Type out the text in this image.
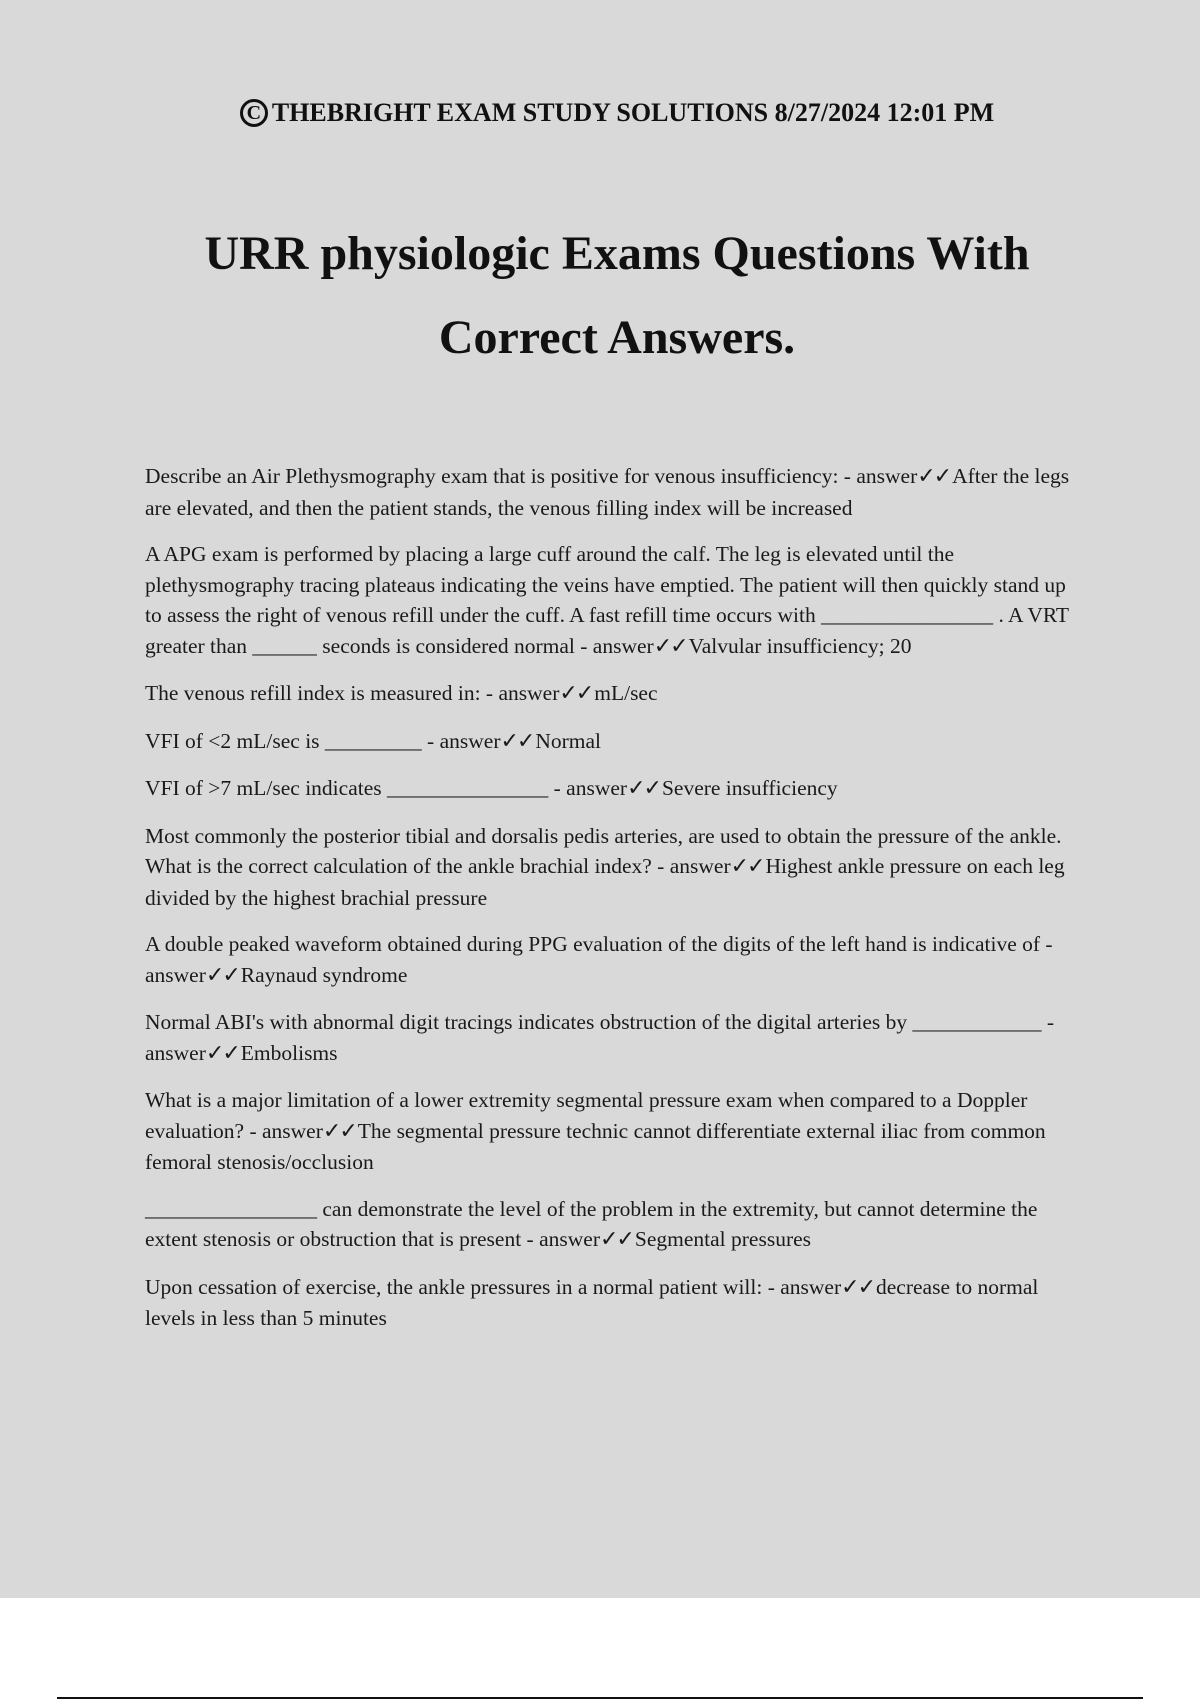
C THEBRIGHT EXAM STUDY SOLUTIONS 8/27/2024 12:01 PM
URR physiologic Exams Questions With
Correct Answers.

Describe an Air Plethysmography exam that is positive for venous insufficiency: - answer✓✓After the legs are elevated, and then the patient stands, the venous filling index will be increased

A APG exam is performed by placing a large cuff around the calf. The leg is elevated until the plethysmography tracing plateaus indicating the veins have emptied. The patient will then quickly stand up to assess the right of venous refill under the cuff. A fast refill time occurs with ________________ . A VRT greater than ______ seconds is considered normal - answer✓✓Valvular insufficiency; 20

The venous refill index is measured in: - answer✓✓mL/sec

VFI of <2 mL/sec is _________ - answer✓✓Normal

VFI of >7 mL/sec indicates _______________ - answer✓✓Severe insufficiency

Most commonly the posterior tibial and dorsalis pedis arteries, are used to obtain the pressure of the ankle. What is the correct calculation of the ankle brachial index? - answer✓✓Highest ankle pressure on each leg divided by the highest brachial pressure

A double peaked waveform obtained during PPG evaluation of the digits of the left hand is indicative of - answer✓✓Raynaud syndrome

Normal ABI's with abnormal digit tracings indicates obstruction of the digital arteries by ____________ - answer✓✓Embolisms

What is a major limitation of a lower extremity segmental pressure exam when compared to a Doppler evaluation? - answer✓✓The segmental pressure technic cannot differentiate external iliac from common femoral stenosis/occlusion

________________ can demonstrate the level of the problem in the extremity, but cannot determine the extent stenosis or obstruction that is present - answer✓✓Segmental pressures

Upon cessation of exercise, the ankle pressures in a normal patient will: - answer✓✓decrease to normal levels in less than 5 minutes
